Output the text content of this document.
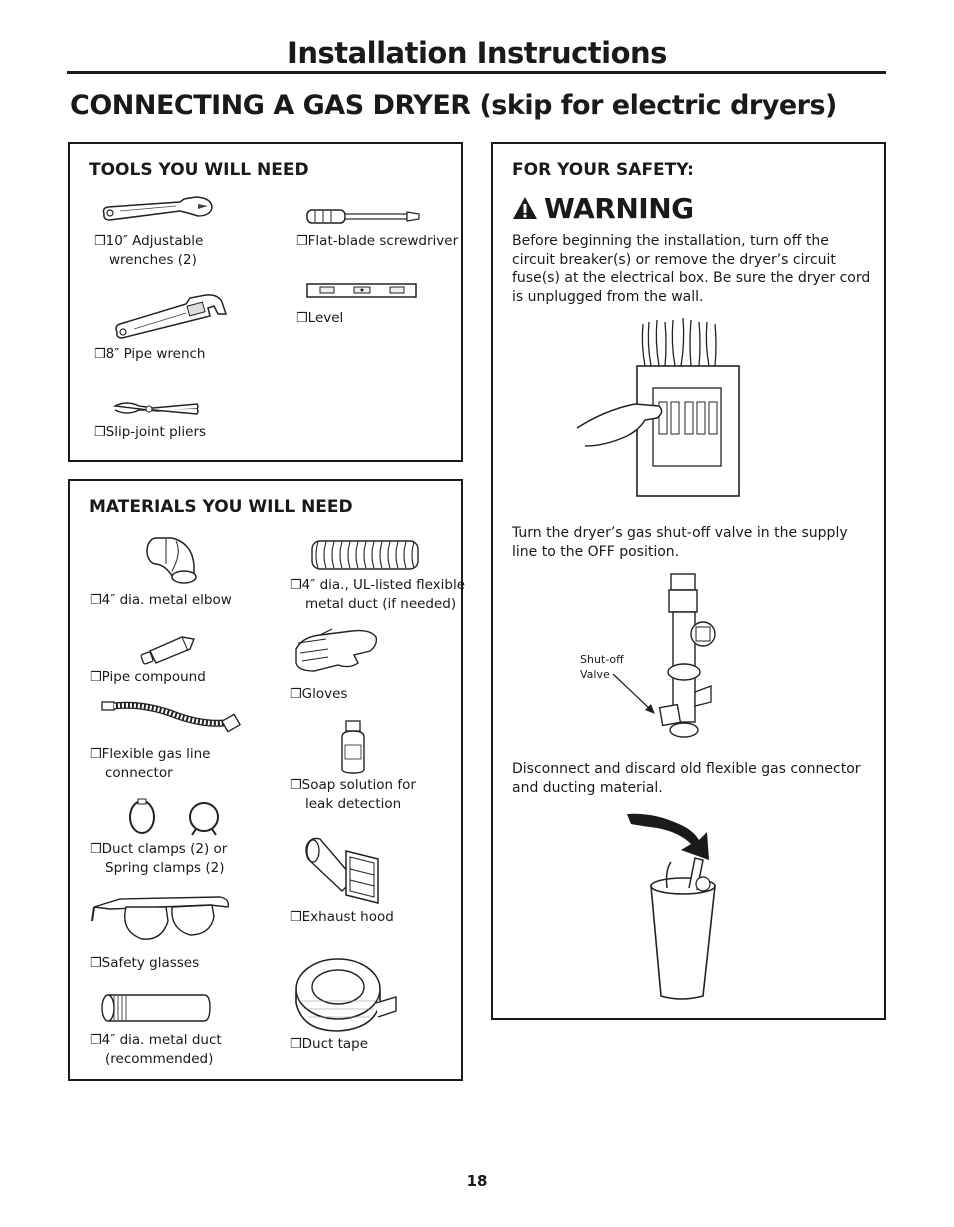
Installation Instructions
CONNECTING A GAS DRYER (skip for electric dryers)
TOOLS YOU WILL NEED
❒10″ Adjustable
wrenches (2)
❒Flat-blade screwdriver
❒8″ Pipe wrench
❒Level
❒Slip-joint pliers
MATERIALS YOU WILL NEED
❒4″ dia. metal elbow
❒4″ dia., UL-listed flexible
metal duct (if needed)
❒Pipe compound
❒Gloves
❒Flexible gas line
connector
❒Soap solution for
leak detection
❒Duct clamps (2) or
Spring clamps (2)
❒Exhaust hood
❒Safety glasses
❒Duct tape
❒4″ dia. metal duct
(recommended)
FOR YOUR SAFETY:
WARNING
Before beginning the installation, turn off the circuit breaker(s) or remove the dryer’s circuit fuse(s) at the electrical box. Be sure the dryer cord is unplugged from the wall.
Turn the dryer’s gas shut-off valve in the supply line to the OFF position.
Shut-off
Valve
Disconnect and discard old flexible gas connector and ducting material.
18
